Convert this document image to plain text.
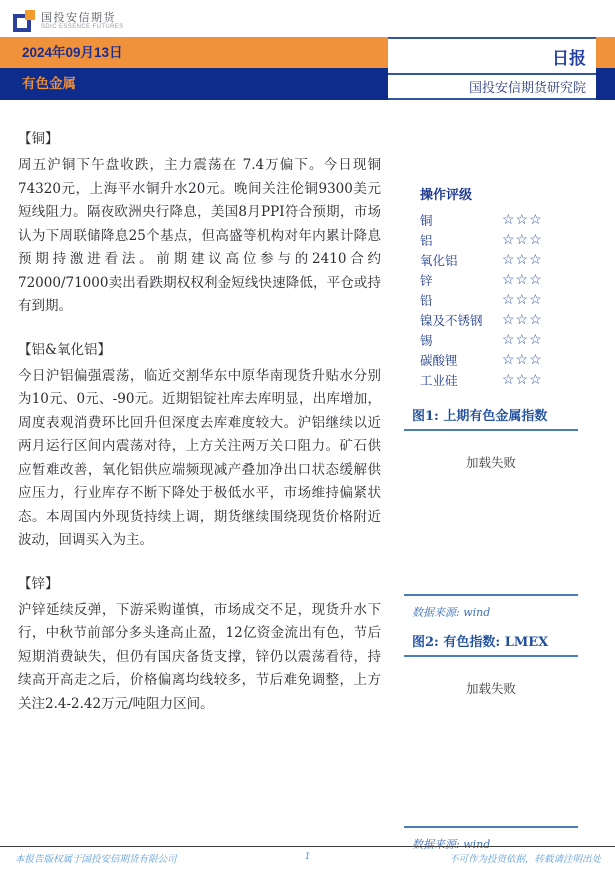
国投安信期货
SDIC ESSENCE FUTURES
2024年09月13日
有色金属
日报
国投安信期货研究院
【铜】
周五沪铜下午盘收跌，主力震荡在 7.4万偏下。今日现铜74320元，上海平水铜升水20元。晚间关注伦铜9300美元短线阻力。隔夜欧洲央行降息，美国8月PPI符合预期，市场认为下周联储降息25个基点，但高盛等机构对年内累计降息预期持激进看法。前期建议高位参与的2410合约72000/71000卖出看跌期权权利金短线快速降低，平仓或持有到期。
【铝&氧化铝】
今日沪铝偏强震荡，临近交割华东中原华南现货升贴水分别为10元、0元、-90元。近期铝锭社库去库明显，出库增加，周度表观消费环比回升但深度去库难度较大。沪铝继续以近两月运行区间内震荡对待，上方关注两万关口阻力。矿石供应暂难改善，氧化铝供应端频现减产叠加净出口状态缓解供应压力，行业库存不断下降处于极低水平，市场维持偏紧状态。本周国内外现货持续上调，期货继续围绕现货价格附近波动，回调买入为主。
【锌】
沪锌延续反弹，下游采购谨慎，市场成交不足，现货升水下行，中秋节前部分多头逢高止盈，12亿资金流出有色，节后短期消费缺失，但仍有国庆备货支撑，锌仍以震荡看待，持续高开高走之后，价格偏离均线较多，节后难免调整，上方关注2.4-2.42万元/吨阻力区间。
操作评级
铜	☆☆☆
铝	☆☆☆
氧化铝	☆☆☆
锌	☆☆☆
铅	☆☆☆
镍及不锈钢	☆☆☆
锡	☆☆☆
碳酸锂	☆☆☆
工业硅	☆☆☆
图1: 上期有色金属指数
加载失败
数据来源: wind
图2: 有色指数: LMEX
加载失败
数据来源: wind
本报告版权属于国投安信期货有限公司	1	不可作为投资依据，转载请注明出处
